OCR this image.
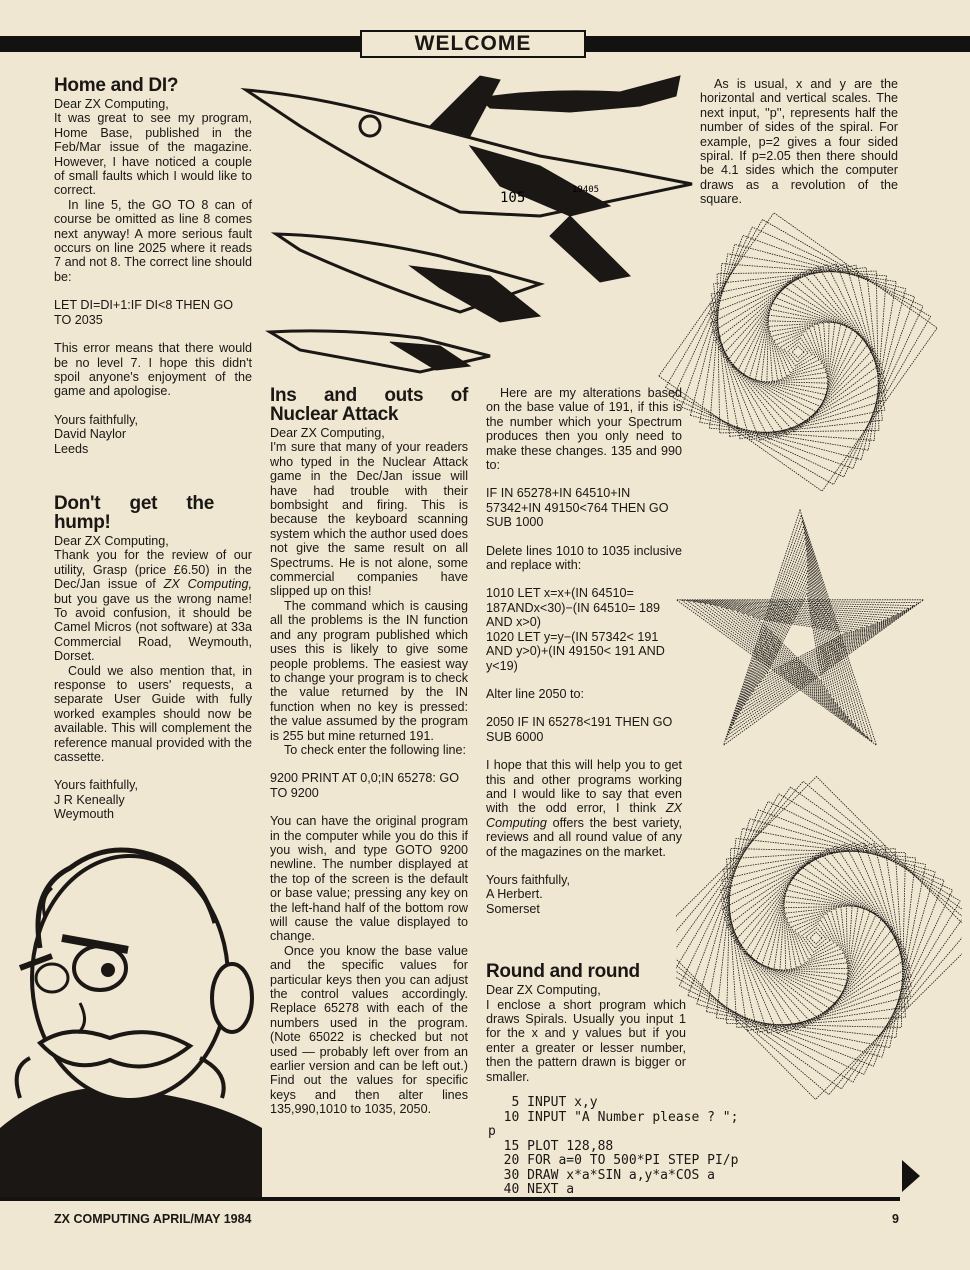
WELCOME
Home and DI?

Dear ZX Computing,

It was great to see my program, Home Base, published in the Feb/Mar issue of the magazine. However, I have noticed a couple of small faults which I would like to correct.

In line 5, the GO TO 8 can of course be omitted as line 8 comes next anyway! A more serious fault occurs on line 2025 where it reads 7 and not 8. The correct line should be:

LET DI=DI+1:IF DI<8 THEN GO TO 2035

This error means that there would be no level 7. I hope this didn't spoil anyone's enjoyment of the game and apologise.

Yours faithfully,
David Naylor
Leeds
Don't get the hump!

Dear ZX Computing,

Thank you for the review of our utility, Grasp (price £6.50) in the Dec/Jan issue of ZX Computing, but you gave us the wrong name! To avoid confusion, it should be Camel Micros (not software) at 33a Commercial Road, Weymouth, Dorset.

Could we also mention that, in response to users' requests, a separate User Guide with fully worked examples should now be available. This will complement the reference manual provided with the cassette.

Yours faithfully,
J R Keneally
Weymouth
105	19405
Ins and outs of Nuclear Attack

Dear ZX Computing,

I'm sure that many of your readers who typed in the Nuclear Attack game in the Dec/Jan issue will have had trouble with their bombsight and firing. This is because the keyboard scanning system which the author used does not give the same result on all Spectrums. He is not alone, some commercial companies have slipped up on this!

The command which is causing all the problems is the IN function and any program published which uses this is likely to give some people problems. The easiest way to change your program is to check the value returned by the IN function when no key is pressed: the value assumed by the program is 255 but mine returned 191.

To check enter the following line:

9200 PRINT AT 0,0;IN 65278: GO TO 9200

You can have the original program in the computer while you do this if you wish, and type GOTO 9200 newline. The number displayed at the top of the screen is the default or base value; pressing any key on the left-hand half of the bottom row will cause the value displayed to change.

Once you know the base value and the specific values for particular keys then you can adjust the control values accordingly. Replace 65278 with each of the numbers used in the program. (Note 65022 is checked but not used — probably left over from an earlier version and can be left out.) Find out the values for specific keys and then alter lines 135,990,1010 to 1035, 2050.

Here are my alterations based on the base value of 191, if this is the number which your Spectrum produces then you only need to make these changes. 135 and 990 to:

IF IN 65278+IN 64510+IN 57342+IN 49150<764 THEN GO SUB 1000

Delete lines 1010 to 1035 inclusive and replace with:

1010 LET x=x+(IN 64510= 187ANDx<30)−(IN 64510= 189 AND x>0)

1020 LET y=y−(IN 57342< 191 AND y>0)+(IN 49150< 191 AND y<19)

Alter line 2050 to:

2050 IF IN 65278<191 THEN GO SUB 6000

I hope that this will help you to get this and other programs working and I would like to say that even with the odd error, I think ZX Computing offers the best variety, reviews and all round value of any of the magazines on the market.

Yours faithfully,
A Herbert.
Somerset
Round and round

Dear ZX Computing,

I enclose a short program which draws Spirals. Usually you input 1 for the x and y values but if you enter a greater or lesser number, then the pattern drawn is bigger or smaller.

As is usual, x and y are the horizontal and vertical scales. The next input, ''p'', represents half the number of sides of the spiral. For example, p=2 gives a four sided spiral. If p=2.05 then there should be 4.1 sides which the computer draws as a revolution of the square.

5 INPUT x,y
10 INPUT "A Number please ? ";
p
15 PLOT 128,88
20 FOR a=0 TO 500*PI STEP PI/p
30 DRAW x*a*SIN a,y*a*COS a
40 NEXT a
ZX COMPUTING APRIL/MAY 1984	9
